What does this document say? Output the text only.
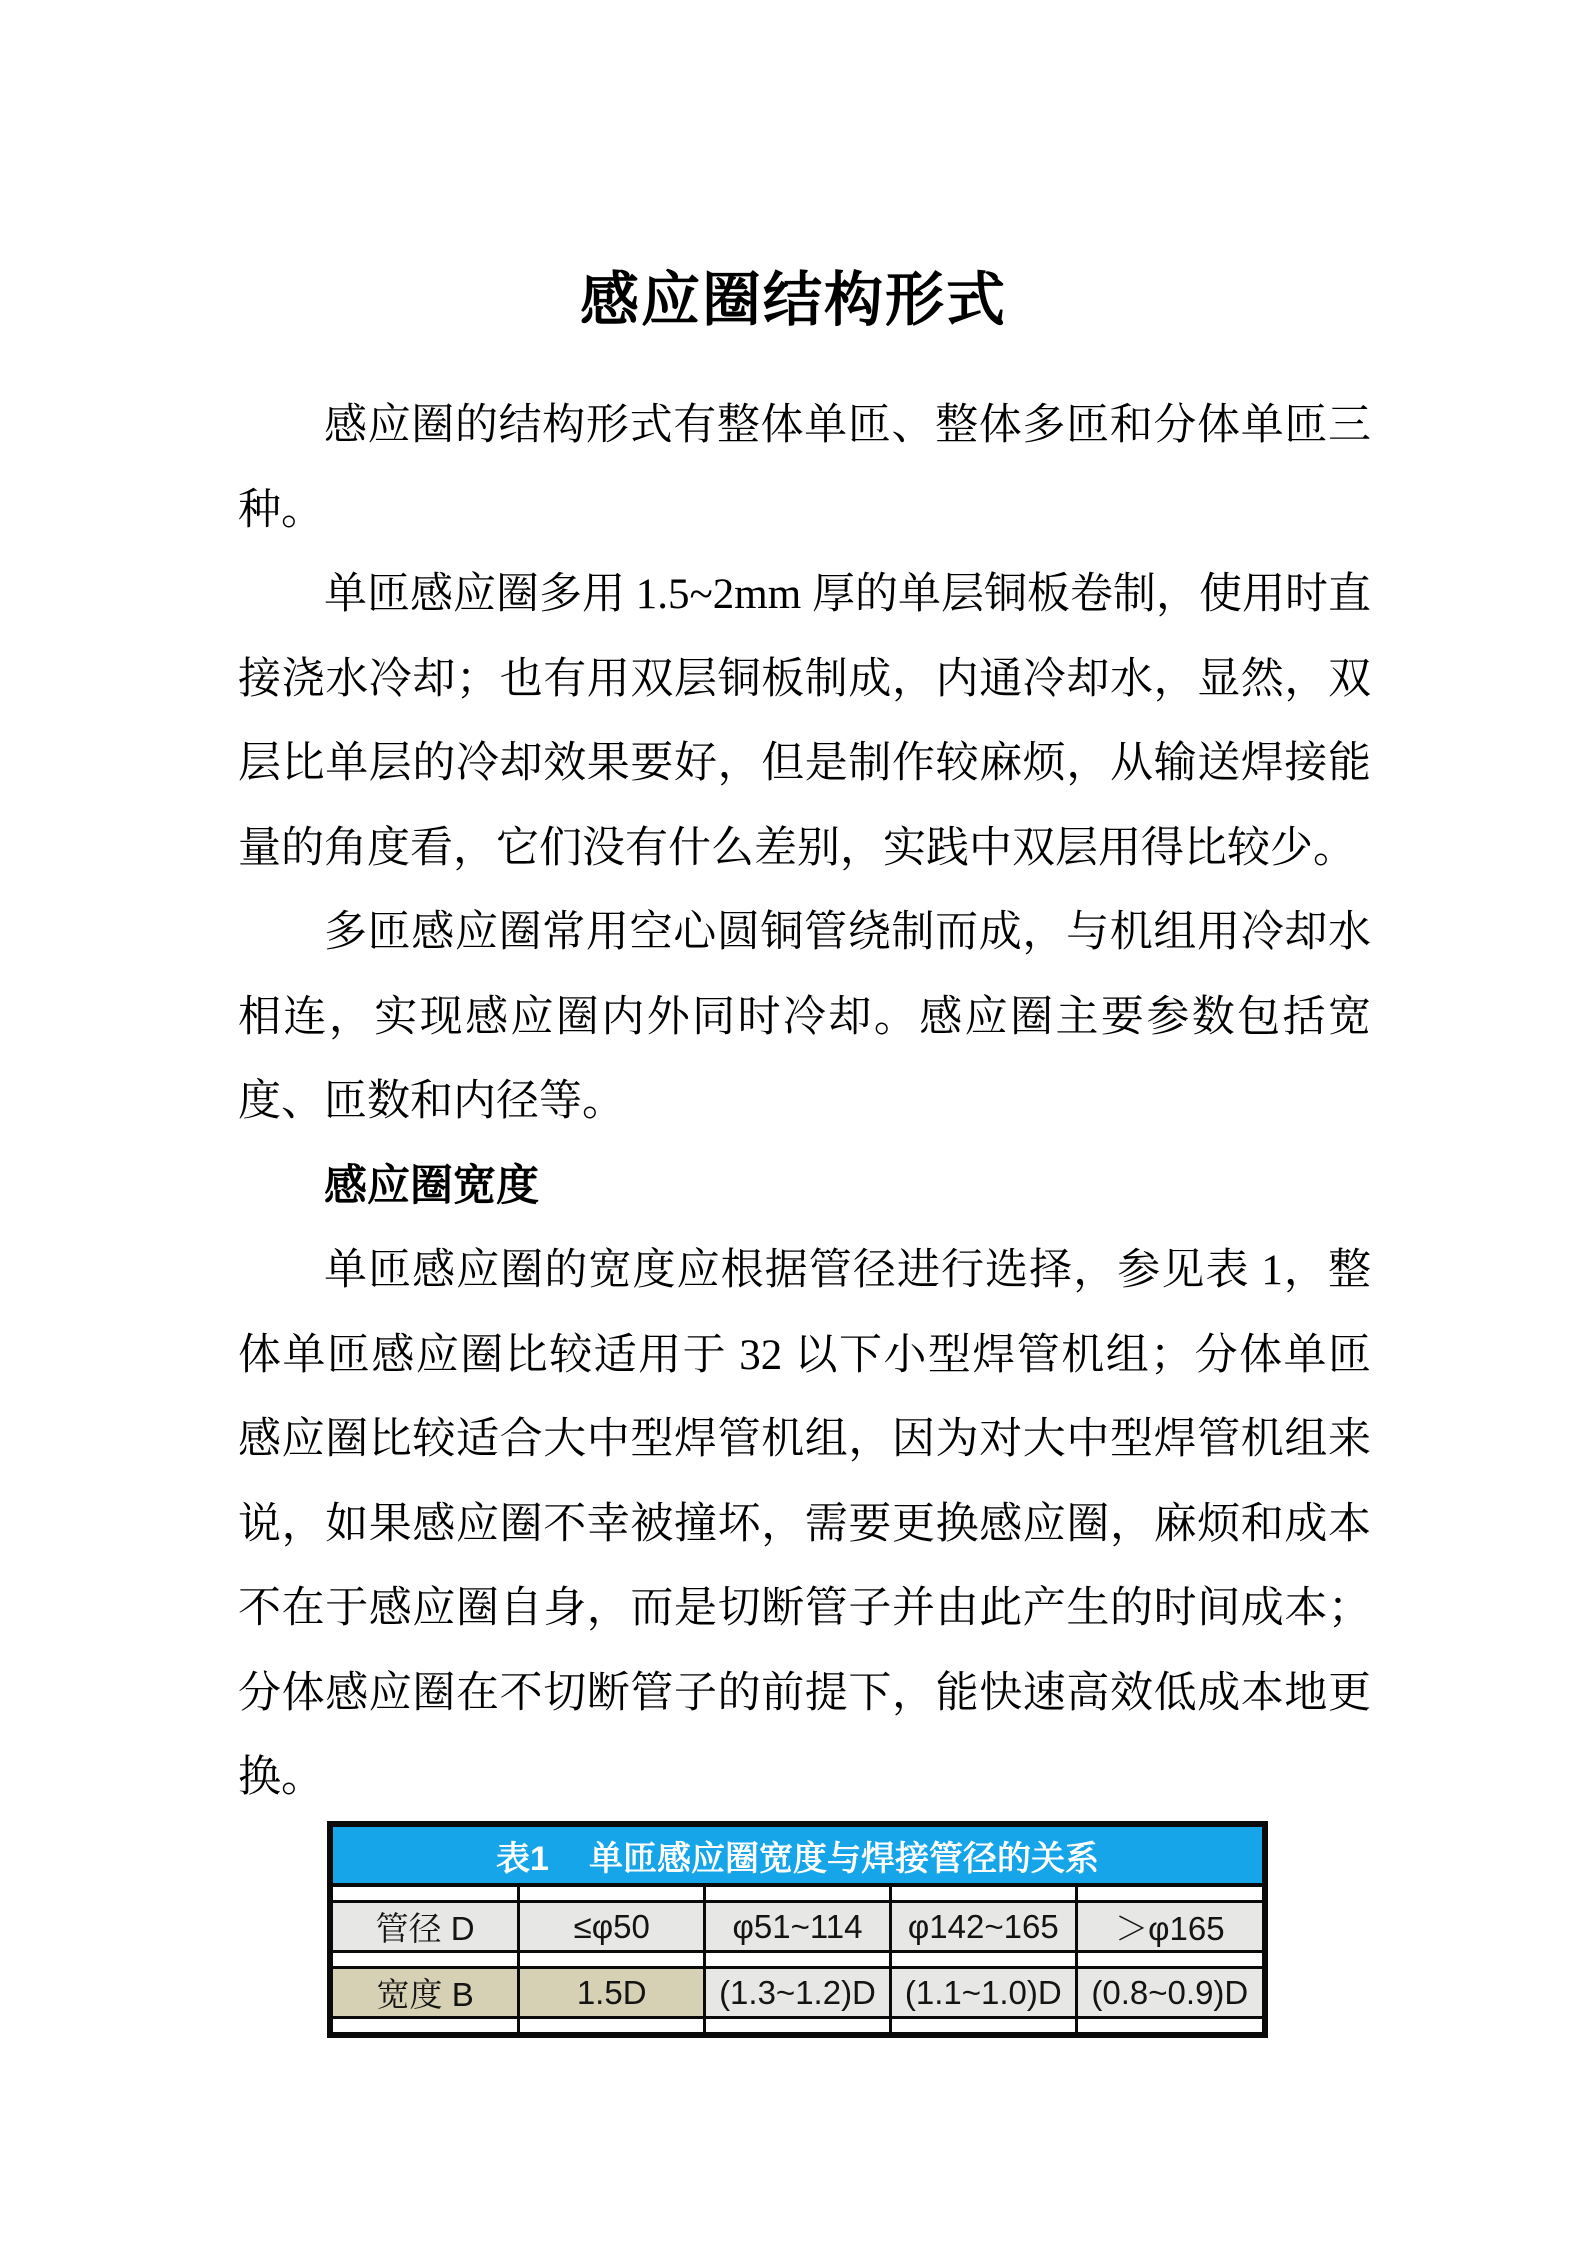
感应圈结构形式

感应圈的结构形式有整体单匝、整体多匝和分体单匝三种。

单匝感应圈多用 1.5~2mm 厚的单层铜板卷制，使用时直接浇水冷却；也有用双层铜板制成，内通冷却水，显然，双层比单层的冷却效果要好，但是制作较麻烦，从输送焊接能量的角度看，它们没有什么差别，实践中双层用得比较少。

多匝感应圈常用空心圆铜管绕制而成，与机组用冷却水相连，实现感应圈内外同时冷却。感应圈主要参数包括宽度、匝数和内径等。

感应圈宽度

单匝感应圈的宽度应根据管径进行选择，参见表 1，整体单匝感应圈比较适用于 32 以下小型焊管机组；分体单匝感应圈比较适合大中型焊管机组，因为对大中型焊管机组来说，如果感应圈不幸被撞坏，需要更换感应圈，麻烦和成本不在于感应圈自身，而是切断管子并由此产生的时间成本；分体感应圈在不切断管子的前提下，能快速高效低成本地更换。

表1 单匝感应圈宽度与焊接管径的关系

管径 D	≤φ50	φ51~114	φ142~165	＞φ165

宽度 B	1.5D	(1.3~1.2)D	(1.1~1.0)D	(0.8~0.9)D
